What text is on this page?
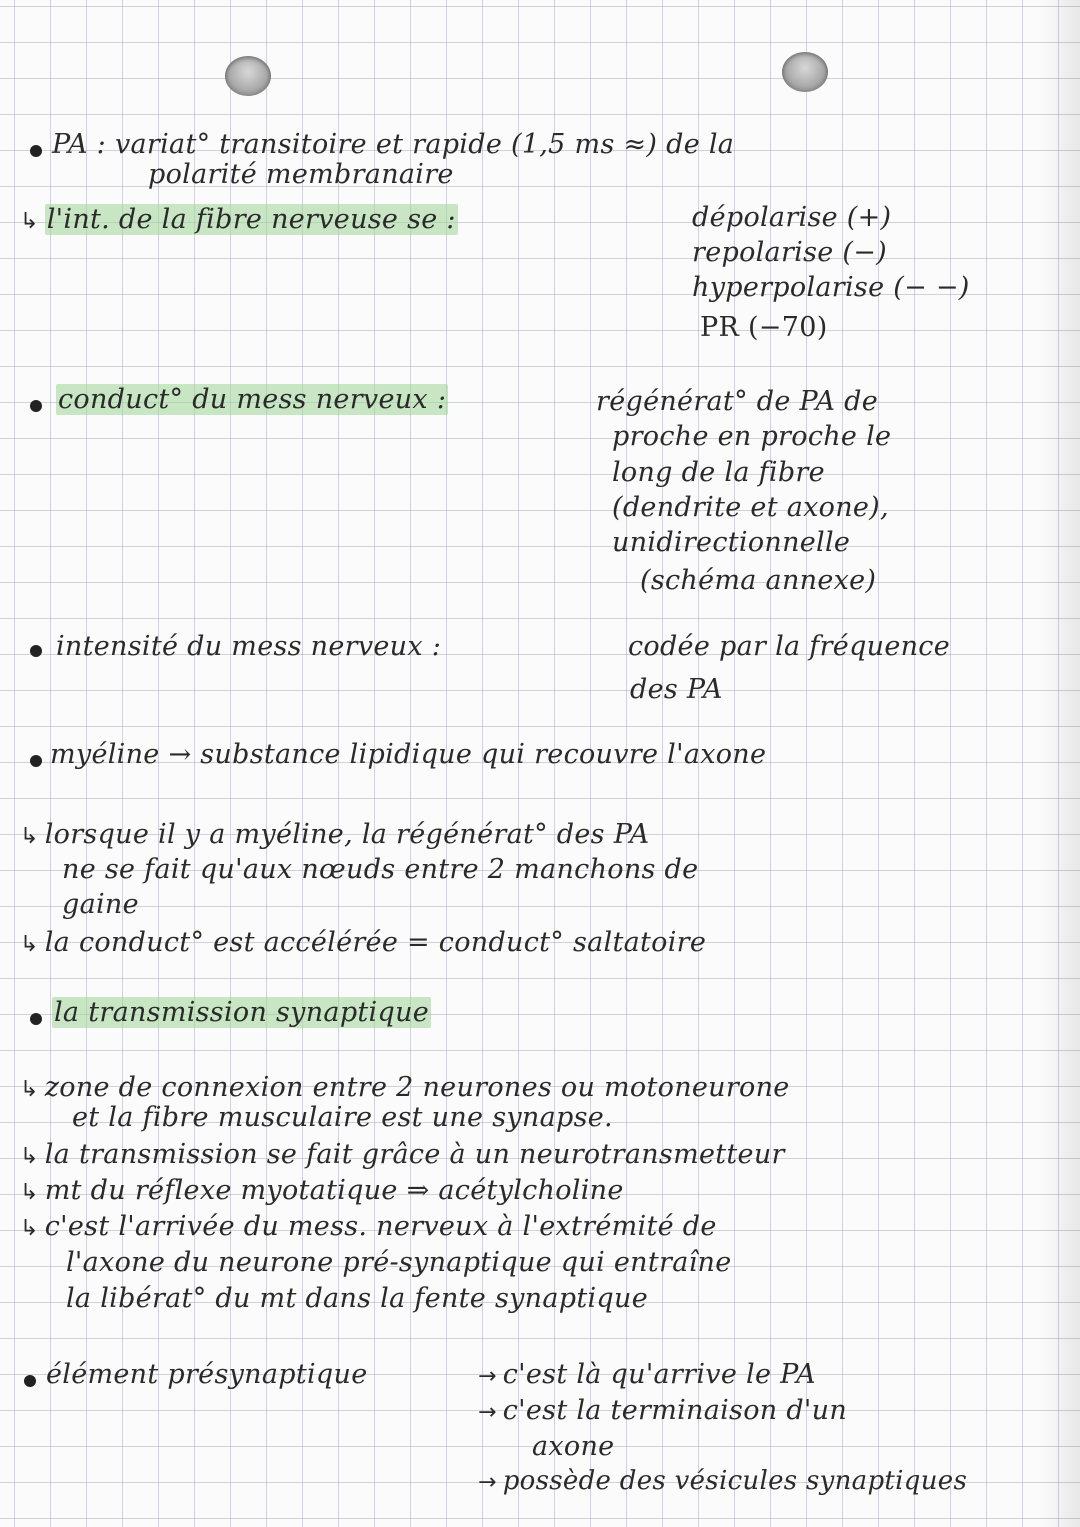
PA : variat° transitoire et rapide (1,5 ms ≈) de la
polarité membranaire
↳ l'int. de la fibre nerveuse se :	dépolarise (+)
repolarise (−)
hyperpolarise (− −)
PR (−70)
conduct° du mess nerveux :	régénérat° de PA de
proche en proche le
long de la fibre
(dendrite et axone),
unidirectionnelle
(schéma annexe)
intensité du mess nerveux :	codée par la fréquence
des PA
myéline → substance lipidique qui recouvre l'axone
↳ lorsque il y a myéline, la régénérat° des PA
ne se fait qu'aux nœuds entre 2 manchons de
gaine
↳ la conduct° est accélérée = conduct° saltatoire
la transmission synaptique
↳ zone de connexion entre 2 neurones ou motoneurone
et la fibre musculaire est une synapse.
↳ la transmission se fait grâce à un neurotransmetteur
↳ mt du réflexe myotatique ⇒ acétylcholine
↳ c'est l'arrivée du mess. nerveux à l'extrémité de
l'axone du neurone pré-synaptique qui entraîne
la libérat° du mt dans la fente synaptique
élément présynaptique	→ c'est là qu'arrive le PA
→ c'est la terminaison d'un
axone
→ possède des vésicules synaptiques
